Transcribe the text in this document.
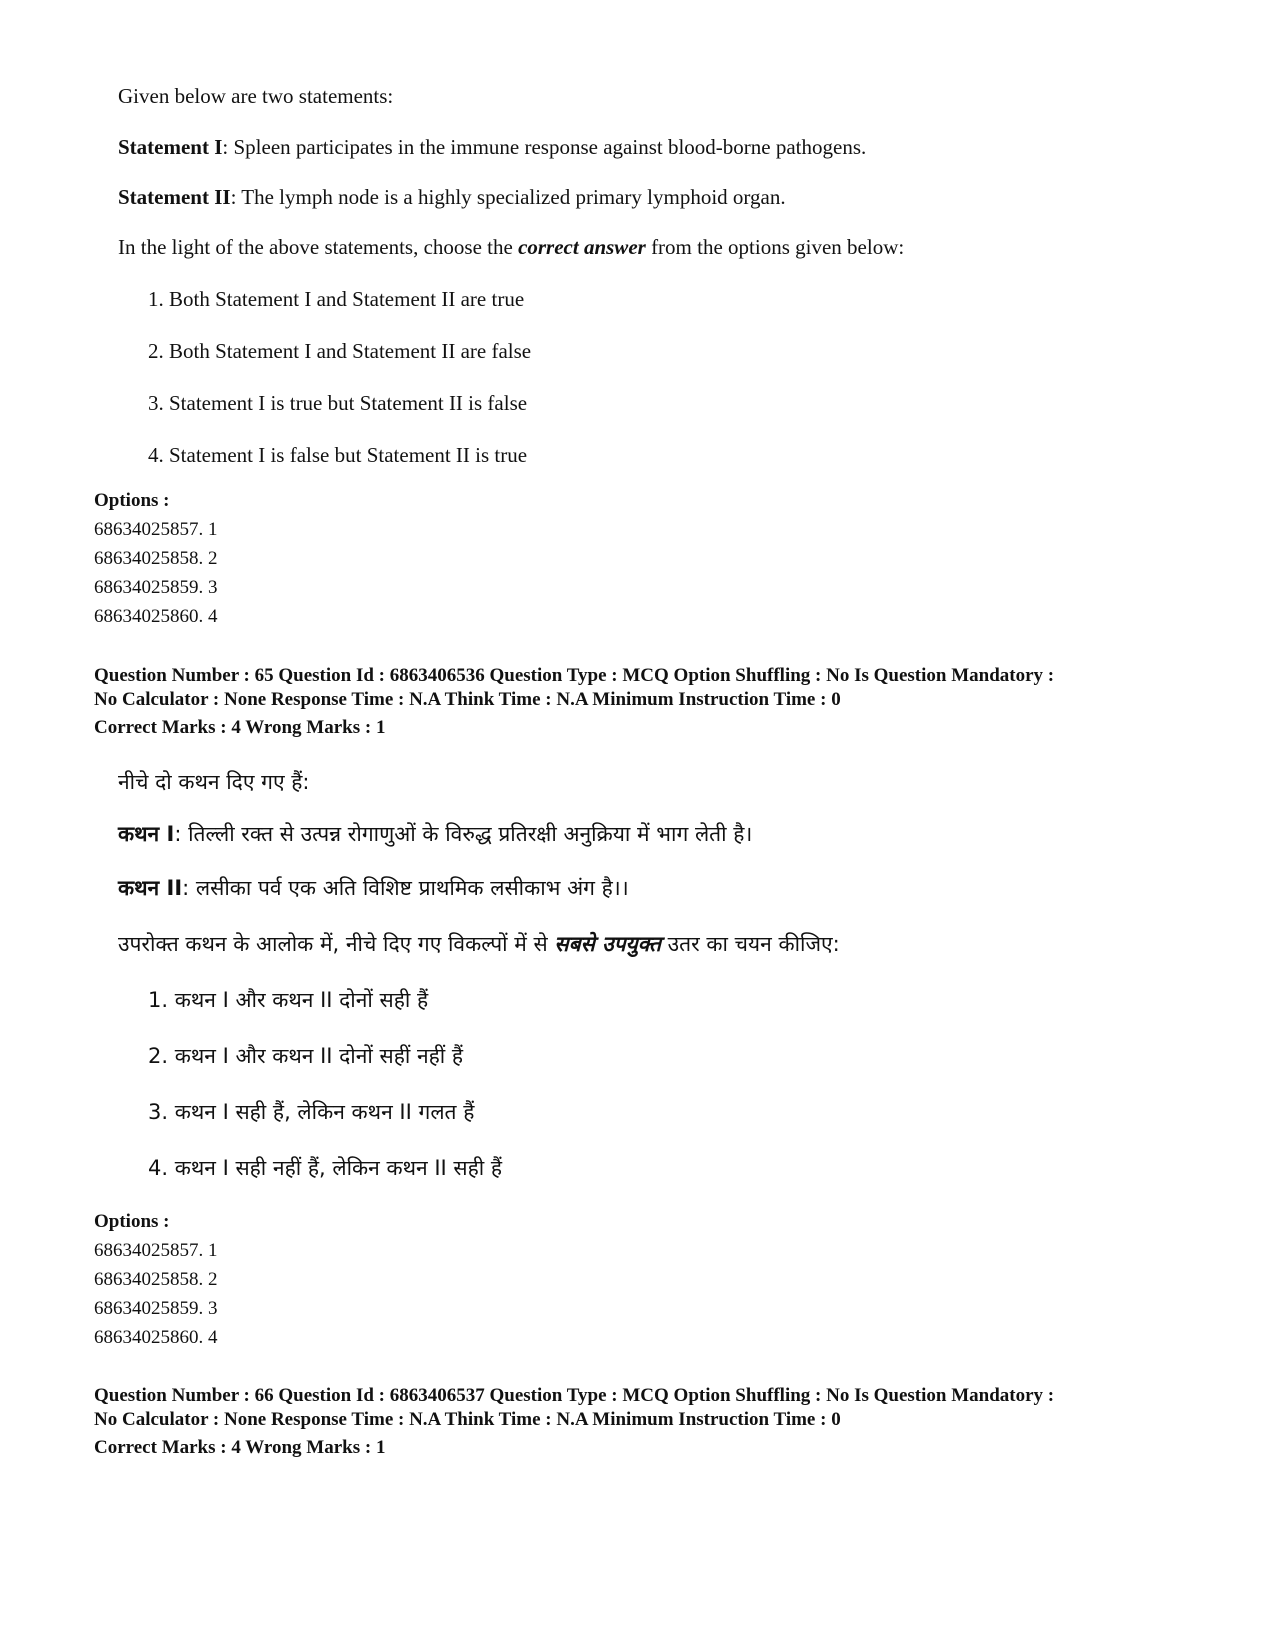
Given below are two statements:

Statement I: Spleen participates in the immune response against blood-borne pathogens.

Statement II: The lymph node is a highly specialized primary lymphoid organ.

In the light of the above statements, choose the correct answer from the options given below:

1. Both Statement I and Statement II are true

2. Both Statement I and Statement II are false

3. Statement I is true but Statement II is false

4. Statement I is false but Statement II is true

Options :
68634025857. 1
68634025858. 2
68634025859. 3
68634025860. 4
Question Number : 65 Question Id : 6863406536 Question Type : MCQ Option Shuffling : No Is Question Mandatory :
No Calculator : None Response Time : N.A Think Time : N.A Minimum Instruction Time : 0
Correct Marks : 4 Wrong Marks : 1

नीचे दो कथन दिए गए हैं:

कथन I: तिल्ली रक्त से उत्पन्न रोगाणुओं के विरुद्ध प्रतिरक्षी अनुक्रिया में भाग लेती है।

कथन II: लसीका पर्व एक अति विशिष्ट प्राथमिक लसीकाभ अंग है।।

उपरोक्त कथन के आलोक में, नीचे दिए गए विकल्पों में से सबसे उपयुक्त उतर का चयन कीजिए:

1. कथन I और कथन II दोनों सही हैं

2. कथन I और कथन II दोनों सहीं नहीं हैं

3. कथन I सही हैं, लेकिन कथन II गलत हैं

4. कथन I सही नहीं हैं, लेकिन कथन II सही हैं

Options :
68634025857. 1
68634025858. 2
68634025859. 3
68634025860. 4
Question Number : 66 Question Id : 6863406537 Question Type : MCQ Option Shuffling : No Is Question Mandatory :
No Calculator : None Response Time : N.A Think Time : N.A Minimum Instruction Time : 0
Correct Marks : 4 Wrong Marks : 1
